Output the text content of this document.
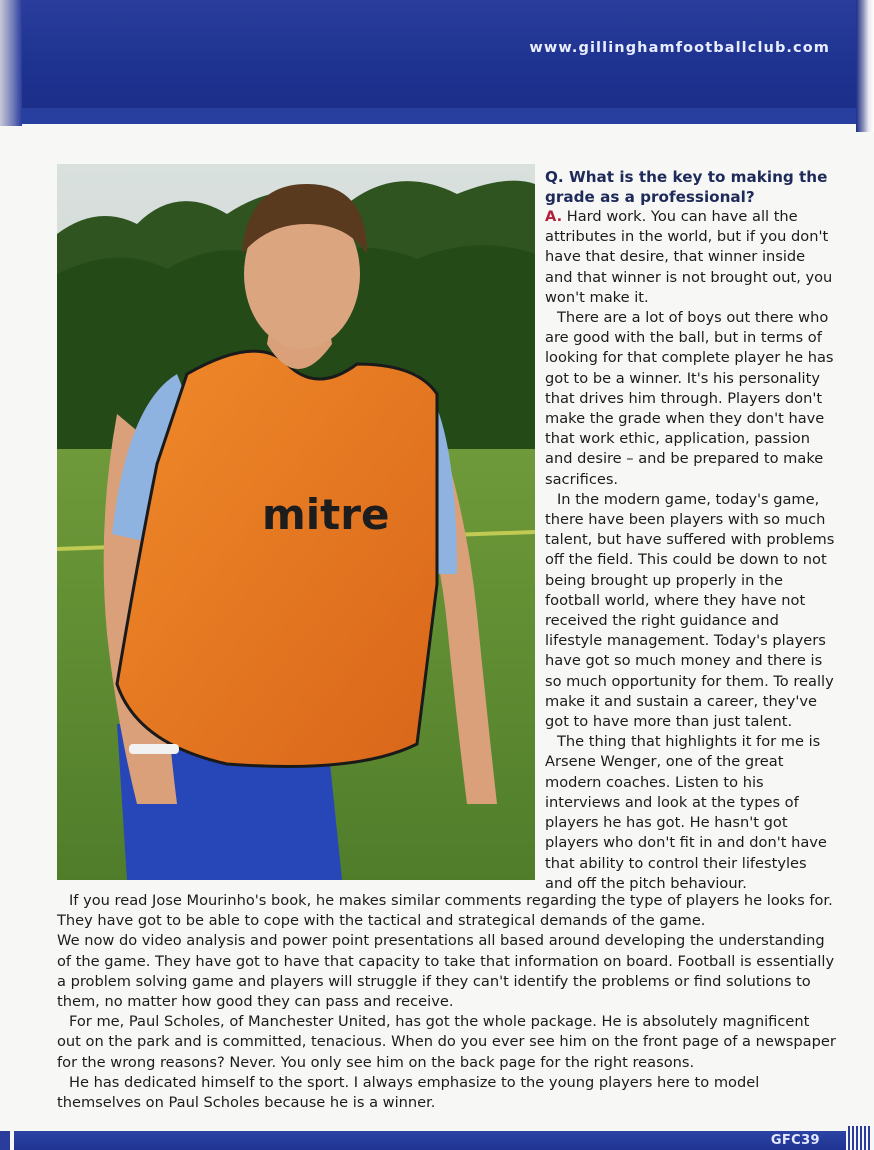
www.gillinghamfootballclub.com
mitre
Q. What is the key to making the grade as a professional?

A. Hard work. You can have all the attributes in the world, but if you don't have that desire, that winner inside and that winner is not brought out, you won't make it.

There are a lot of boys out there who are good with the ball, but in terms of looking for that complete player he has got to be a winner. It's his personality that drives him through. Players don't make the grade when they don't have that work ethic, application, passion and desire – and be prepared to make sacrifices.

In the modern game, today's game, there have been players with so much talent, but have suffered with problems off the field. This could be down to not being brought up properly in the football world, where they have not received the right guidance and lifestyle management. Today's players have got so much money and there is so much opportunity for them. To really make it and sustain a career, they've got to have more than just talent.

The thing that highlights it for me is Arsene Wenger, one of the great modern coaches. Listen to his interviews and look at the types of players he has got. He hasn't got players who don't fit in and don't have that ability to control their lifestyles and off the pitch behaviour.

If you read Jose Mourinho's book, he makes similar comments regarding the type of players he looks for. They have got to be able to cope with the tactical and strategical demands of the game.

We now do video analysis and power point presentations all based around developing the understanding of the game. They have got to have that capacity to take that information on board. Football is essentially a problem solving game and players will struggle if they can't identify the problems or find solutions to them, no matter how good they can pass and receive.

For me, Paul Scholes, of Manchester United, has got the whole package. He is absolutely magnificent out on the park and is committed, tenacious. When do you ever see him on the front page of a newspaper for the wrong reasons? Never. You only see him on the back page for the right reasons.

He has dedicated himself to the sport. I always emphasize to the young players here to model themselves on Paul Scholes because he is a winner.

GFC39
